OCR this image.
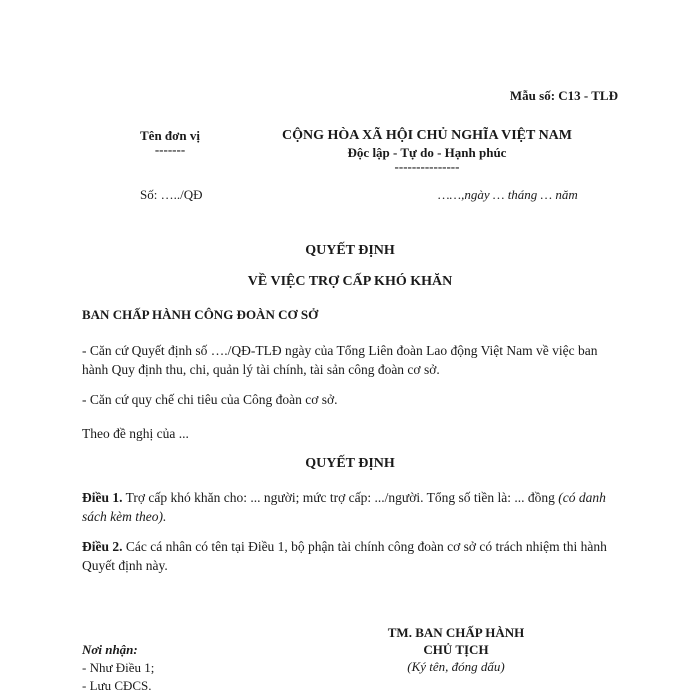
Mẫu số: C13 - TLĐ
Tên đơn vị
-------
Số: …../QĐ
CỘNG HÒA XÃ HỘI CHỦ NGHĨA VIỆT NAM
Độc lập - Tự do - Hạnh phúc
---------------
……,ngày … tháng … năm
QUYẾT ĐỊNH
VỀ VIỆC TRỢ CẤP KHÓ KHĂN
BAN CHẤP HÀNH CÔNG ĐOÀN CƠ SỞ
- Căn cứ Quyết định số …./QĐ-TLĐ ngày của Tổng Liên đoàn Lao động Việt Nam về việc ban hành Quy định thu, chi, quản lý tài chính, tài sản công đoàn cơ sở.
- Căn cứ quy chế chi tiêu của Công đoàn cơ sở.
Theo đề nghị của ...
QUYẾT ĐỊNH
Điều 1. Trợ cấp khó khăn cho: ... người; mức trợ cấp: .../người. Tổng số tiền là: ... đồng (có danh sách kèm theo).
Điều 2. Các cá nhân có tên tại Điều 1, bộ phận tài chính công đoàn cơ sở có trách nhiệm thi hành Quyết định này.
TM. BAN CHẤP HÀNH
CHỦ TỊCH
(Ký tên, đóng dấu)
Nơi nhận:
- Như Điều 1;
- Lưu CĐCS.
